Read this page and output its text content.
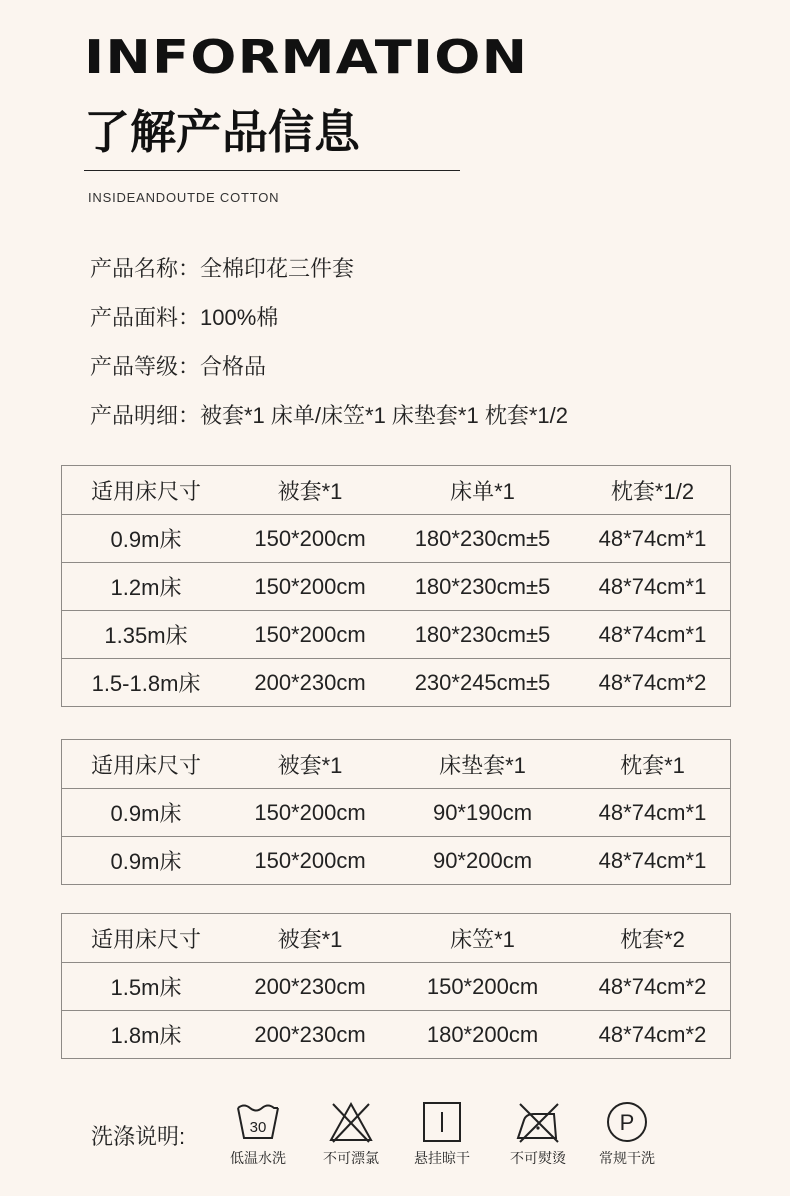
INFORMATION
了解产品信息
INSIDEANDOUTDE COTTON
产品名称：全棉印花三件套
产品面料：100%棉
产品等级：合格品
产品明细：被套*1 床单/床笠*1 床垫套*1 枕套*1/2
适用床尺寸	被套*1	床单*1	枕套*1/2
0.9m床	150*200cm	180*230cm±5	48*74cm*1
1.2m床	150*200cm	180*230cm±5	48*74cm*1
1.35m床	150*200cm	180*230cm±5	48*74cm*1
1.5-1.8m床	200*230cm	230*245cm±5	48*74cm*2
适用床尺寸	被套*1	床垫套*1	枕套*1
0.9m床	150*200cm	90*190cm	48*74cm*1
0.9m床	150*200cm	90*200cm	48*74cm*1
适用床尺寸	被套*1	床笠*1	枕套*2
1.5m床	200*230cm	150*200cm	48*74cm*2
1.8m床	200*230cm	180*200cm	48*74cm*2
洗涤说明:	30
低温水洗	不可漂氯	悬挂晾干	不可熨烫
P
常规干洗
